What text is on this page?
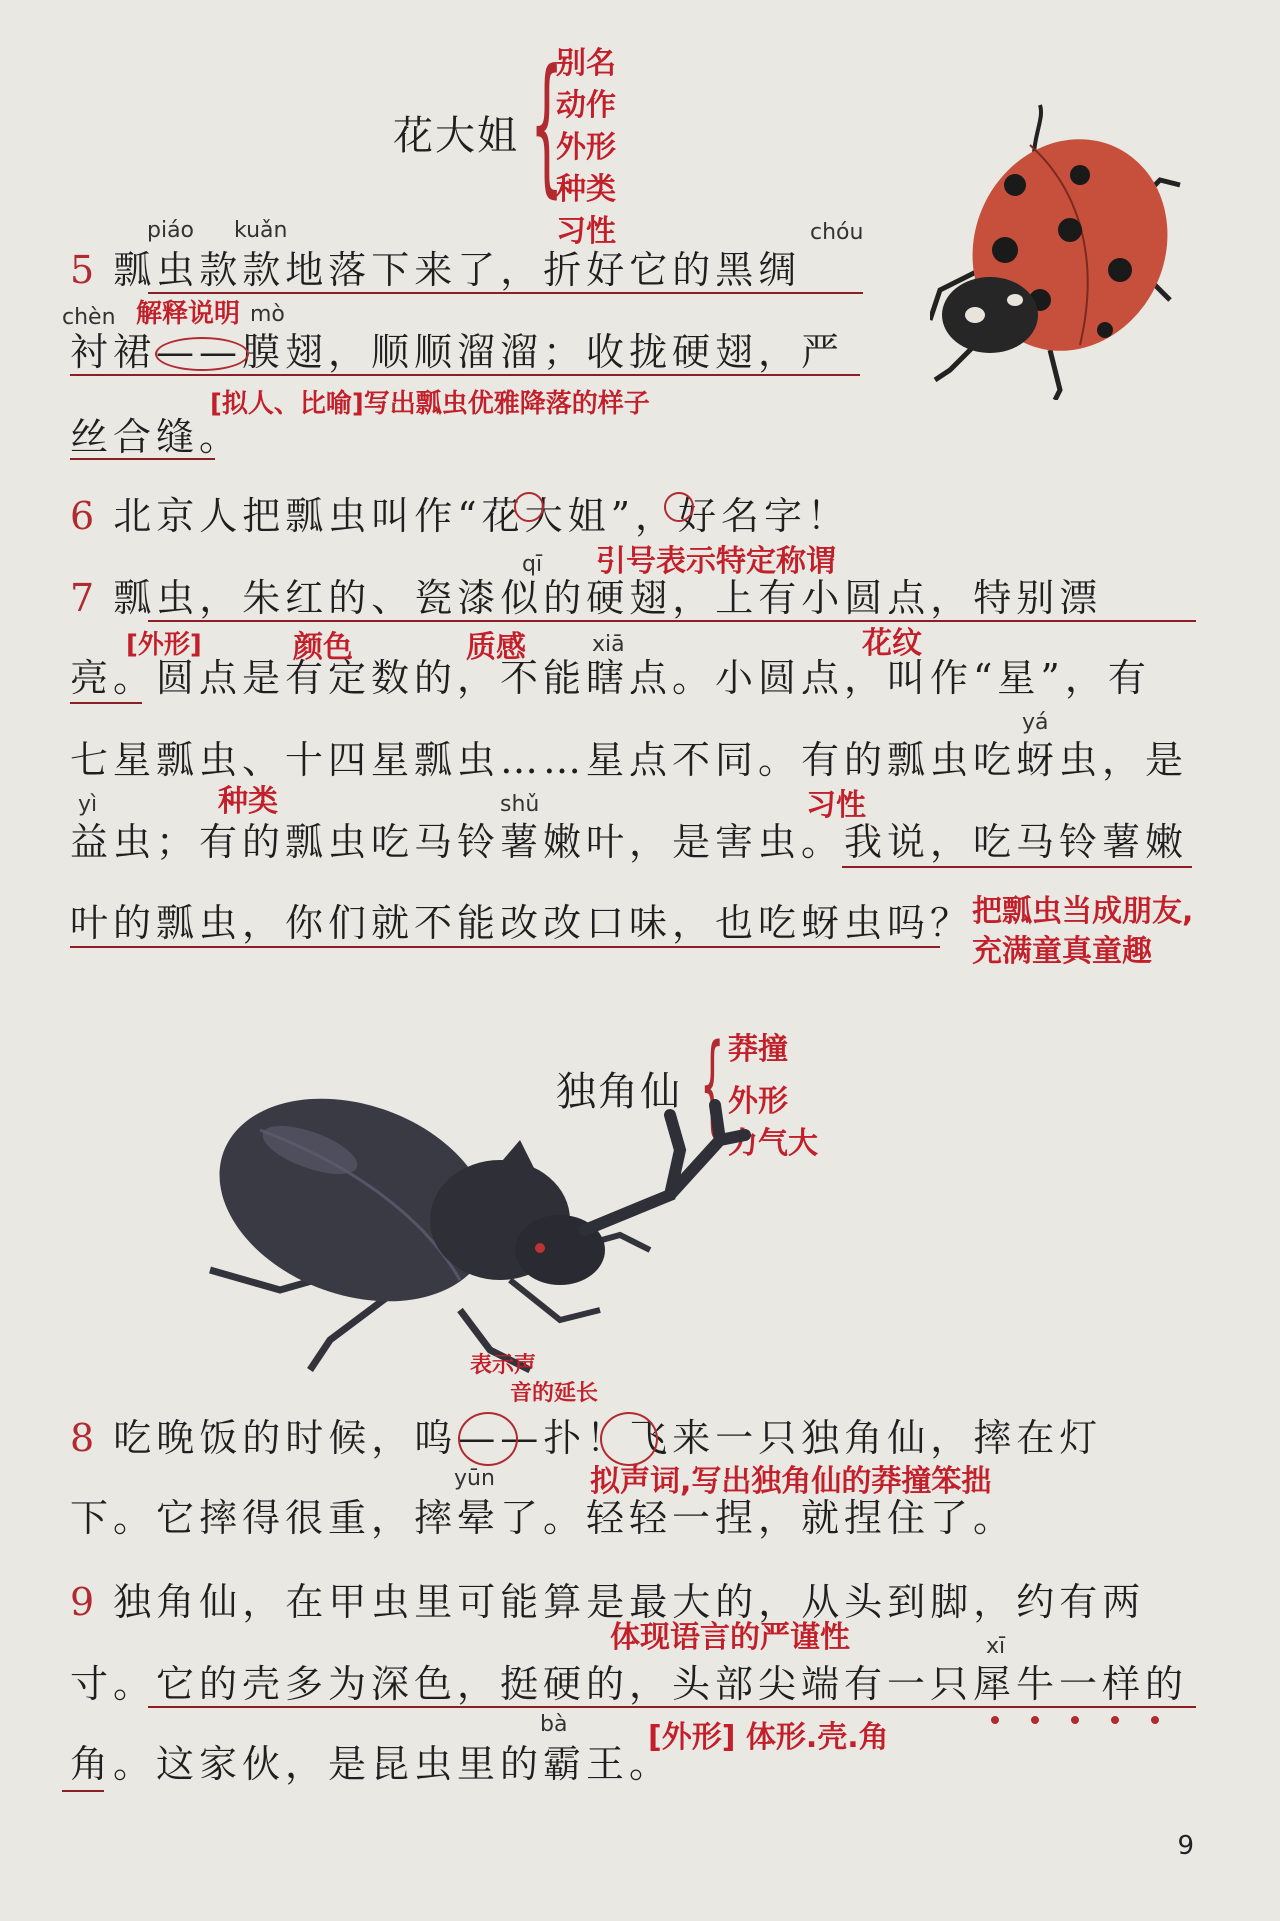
花大姐 {
别名
动作
外形
种类
习性
piáo kuǎn	chóu
5 瓢虫款款地落下来了，折好它的黑绸
解释说明
chèn	mò
衬裙——膜翅，顺顺溜溜；收拢硬翅，严
[拟人、比喻]写出瓢虫优雅降落的样子
丝合缝。
6 北京人把瓢虫叫作“花大姐”，好名字！
引号表示特定称谓
qī
7 瓢虫，朱红的、瓷漆似的硬翅，上有小圆点，特别漂
[外形]	颜色	质感	xiā	花纹
亮。圆点是有定数的，不能瞎点。小圆点，叫作“星”，有
yá
七星瓢虫、十四星瓢虫……星点不同。有的瓢虫吃蚜虫，是
种类	习性
yì	shǔ
益虫；有的瓢虫吃马铃薯嫩叶，是害虫。我说，吃马铃薯嫩
叶的瓢虫，你们就不能改改口味，也吃蚜虫吗？
把瓢虫当成朋友,
充满童真童趣
独角仙 { 莽撞
外形
力气大
表示声
音的延长
8 吃晚饭的时候，呜——扑！飞来一只独角仙，摔在灯
拟声词,写出独角仙的莽撞笨拙
yūn
下。它摔得很重，摔晕了。轻轻一捏，就捏住了。
9 独角仙，在甲虫里可能算是最大的，从头到脚，约有两
体现语言的严谨性	xī
寸。它的壳多为深色，挺硬的，头部尖端有一只犀牛一样的
bà	[外形] 体形.壳.角
角。这家伙，是昆虫里的霸王。
9
